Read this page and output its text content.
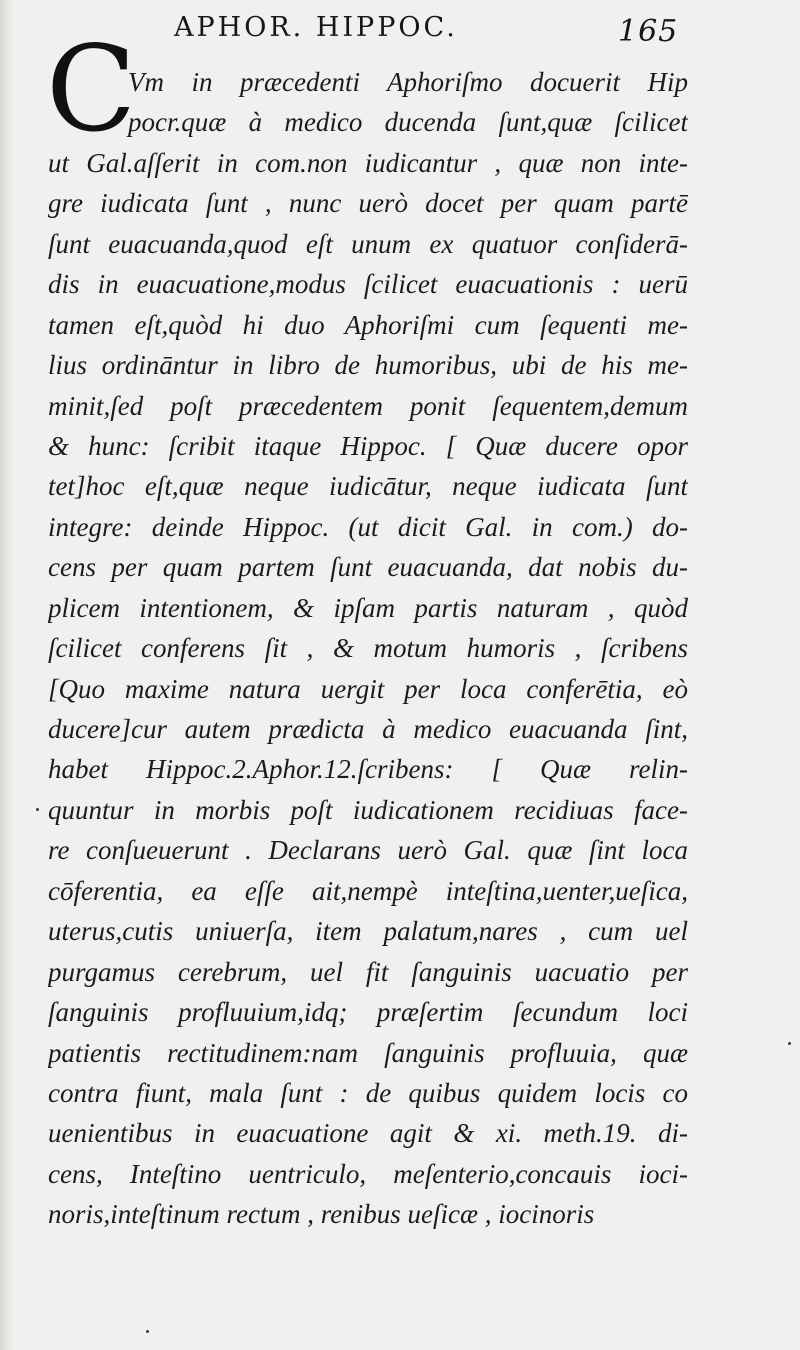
APHOR. HIPPOC.	165
C
Vm in præcedenti Aphoriſmo docuerit Hip
pocr.quæ à medico ducenda ſunt,quæ ſcilicet
ut Gal.aſſerit in com.non iudicantur , quæ non inte-
gre iudicata ſunt , nunc uerò docet per quam partē
ſunt euacuanda,quod eſt unum ex quatuor conſiderā-
dis in euacuatione,modus ſcilicet euacuationis : uerū
tamen eſt,quòd hi duo Aphoriſmi cum ſequenti me-
lius ordināntur in libro de humoribus, ubi de his me-
minit,ſed poſt præcedentem ponit ſequentem,demum
& hunc: ſcribit itaque Hippoc. [ Quæ ducere opor
tet]hoc eſt,quæ neque iudicātur, neque iudicata ſunt
integre: deinde Hippoc. (ut dicit Gal. in com.) do-
cens per quam partem ſunt euacuanda, dat nobis du-
plicem intentionem, & ipſam partis naturam , quòd
ſcilicet conferens ſit , & motum humoris , ſcribens
[Quo maxime natura uergit per loca conferētia, eò
ducere]cur autem prædicta à medico euacuanda ſint,
habet Hippoc.2.Aphor.12.ſcribens: [ Quæ relin-
quuntur in morbis poſt iudicationem recidiuas face-
re conſueuerunt . Declarans uerò Gal. quæ ſint loca
cōferentia, ea eſſe ait,nempè inteſtina,uenter,ueſica,
uterus,cutis uniuerſa, item palatum,nares , cum uel
purgamus cerebrum, uel fit ſanguinis uacuatio per
ſanguinis profluuium,idq; præſertim ſecundum loci
patientis rectitudinem:nam ſanguinis profluuia, quæ
contra fiunt, mala ſunt : de quibus quidem locis co
uenientibus in euacuatione agit & xi. meth.19. di-
cens, Inteſtino uentriculo, meſenterio,concauis ioci-
noris,inteſtinum rectum , renibus ueſicæ , iocinoris
